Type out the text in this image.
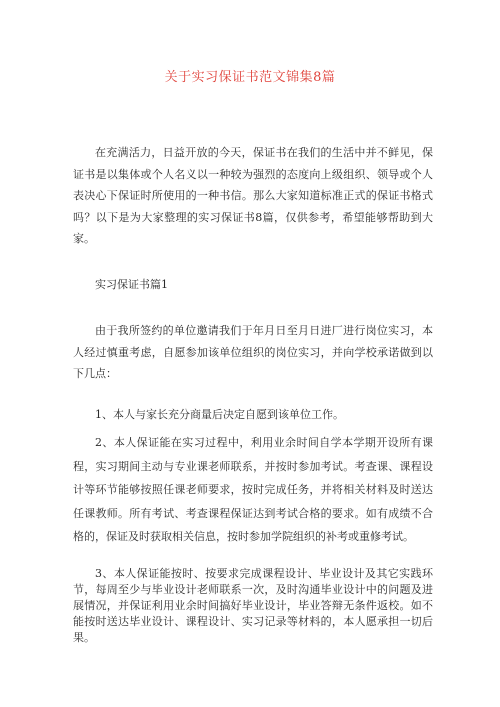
关于实习保证书范文锦集8篇

在充满活力，日益开放的今天，保证书在我们的生活中并不鲜见，保证书是以集体或个人名义以一种较为强烈的态度向上级组织、领导或个人表决心下保证时所使用的一种书信。那么大家知道标准正式的保证书格式吗？以下是为大家整理的实习保证书8篇，仅供参考，希望能够帮助到大家。

实习保证书篇1

由于我所签约的单位邀请我们于年月日至月日进厂进行岗位实习，本人经过慎重考虑，自愿参加该单位组织的岗位实习，并向学校承诺做到以下几点：

1、本人与家长充分商量后决定自愿到该单位工作。

2、本人保证能在实习过程中，利用业余时间自学本学期开设所有课程，实习期间主动与专业课老师联系，并按时参加考试。考查课、课程设计等环节能够按照任课老师要求，按时完成任务，并将相关材料及时送达任课教师。所有考试、考查课程保证达到考试合格的要求。如有成绩不合格的，保证及时获取相关信息，按时参加学院组织的补考或重修考试。

3、本人保证能按时、按要求完成课程设计、毕业设计及其它实践环节，每周至少与毕业设计老师联系一次，及时沟通毕业设计中的问题及进展情况，并保证利用业余时间搞好毕业设计，毕业答辩无条件返校。如不能按时送达毕业设计、课程设计、实习记录等材料的，本人愿承担一切后果。
